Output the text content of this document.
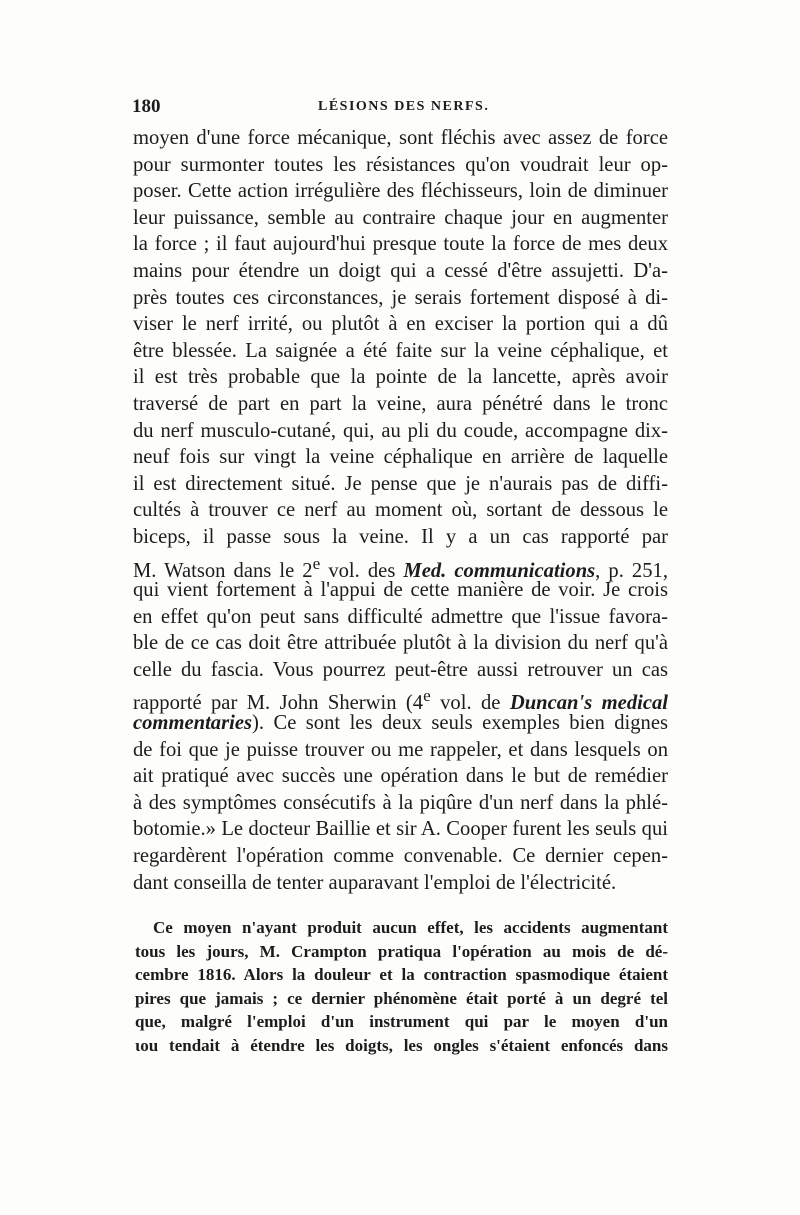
180	LÉSIONS DES NERFS.
moyen d'une force mécanique, sont fléchis avec assez de force
pour surmonter toutes les résistances qu'on voudrait leur op-
poser. Cette action irrégulière des fléchisseurs, loin de diminuer
leur puissance, semble au contraire chaque jour en augmenter
la force ; il faut aujourd'hui presque toute la force de mes deux
mains pour étendre un doigt qui a cessé d'être assujetti. D'a-
près toutes ces circonstances, je serais fortement disposé à di-
viser le nerf irrité, ou plutôt à en exciser la portion qui a dû
être blessée. La saignée a été faite sur la veine céphalique, et
il est très probable que la pointe de la lancette, après avoir
traversé de part en part la veine, aura pénétré dans le tronc
du nerf musculo-cutané, qui, au pli du coude, accompagne dix-
neuf fois sur vingt la veine céphalique en arrière de laquelle
il est directement situé. Je pense que je n'aurais pas de diffi-
cultés à trouver ce nerf au moment où, sortant de dessous le
biceps, il passe sous la veine. Il y a un cas rapporté par
M. Watson dans le 2e vol. des Med. communications, p. 251,
qui vient fortement à l'appui de cette manière de voir. Je crois
en effet qu'on peut sans difficulté admettre que l'issue favora-
ble de ce cas doit être attribuée plutôt à la division du nerf qu'à
celle du fascia. Vous pourrez peut-être aussi retrouver un cas
rapporté par M. John Sherwin (4e vol. de Duncan's medical
commentaries). Ce sont les deux seuls exemples bien dignes
de foi que je puisse trouver ou me rappeler, et dans lesquels on
ait pratiqué avec succès une opération dans le but de remédier
à des symptômes consécutifs à la piqûre d'un nerf dans la phlé-
botomie.» Le docteur Baillie et sir A. Cooper furent les seuls qui
regardèrent l'opération comme convenable. Ce dernier cepen-
dant conseilla de tenter auparavant l'emploi de l'électricité.
Ce moyen n'ayant produit aucun effet, les accidents augmentant
tous les jours, M. Crampton pratiqua l'opération au mois de dé-
cembre 1816. Alors la douleur et la contraction spasmodique étaient
pires que jamais ; ce dernier phénomène était porté à un degré tel
que, malgré l'emploi d'un instrument qui par le moyen d'un
ιou tendait à étendre les doigts, les ongles s'étaient enfoncés dans
